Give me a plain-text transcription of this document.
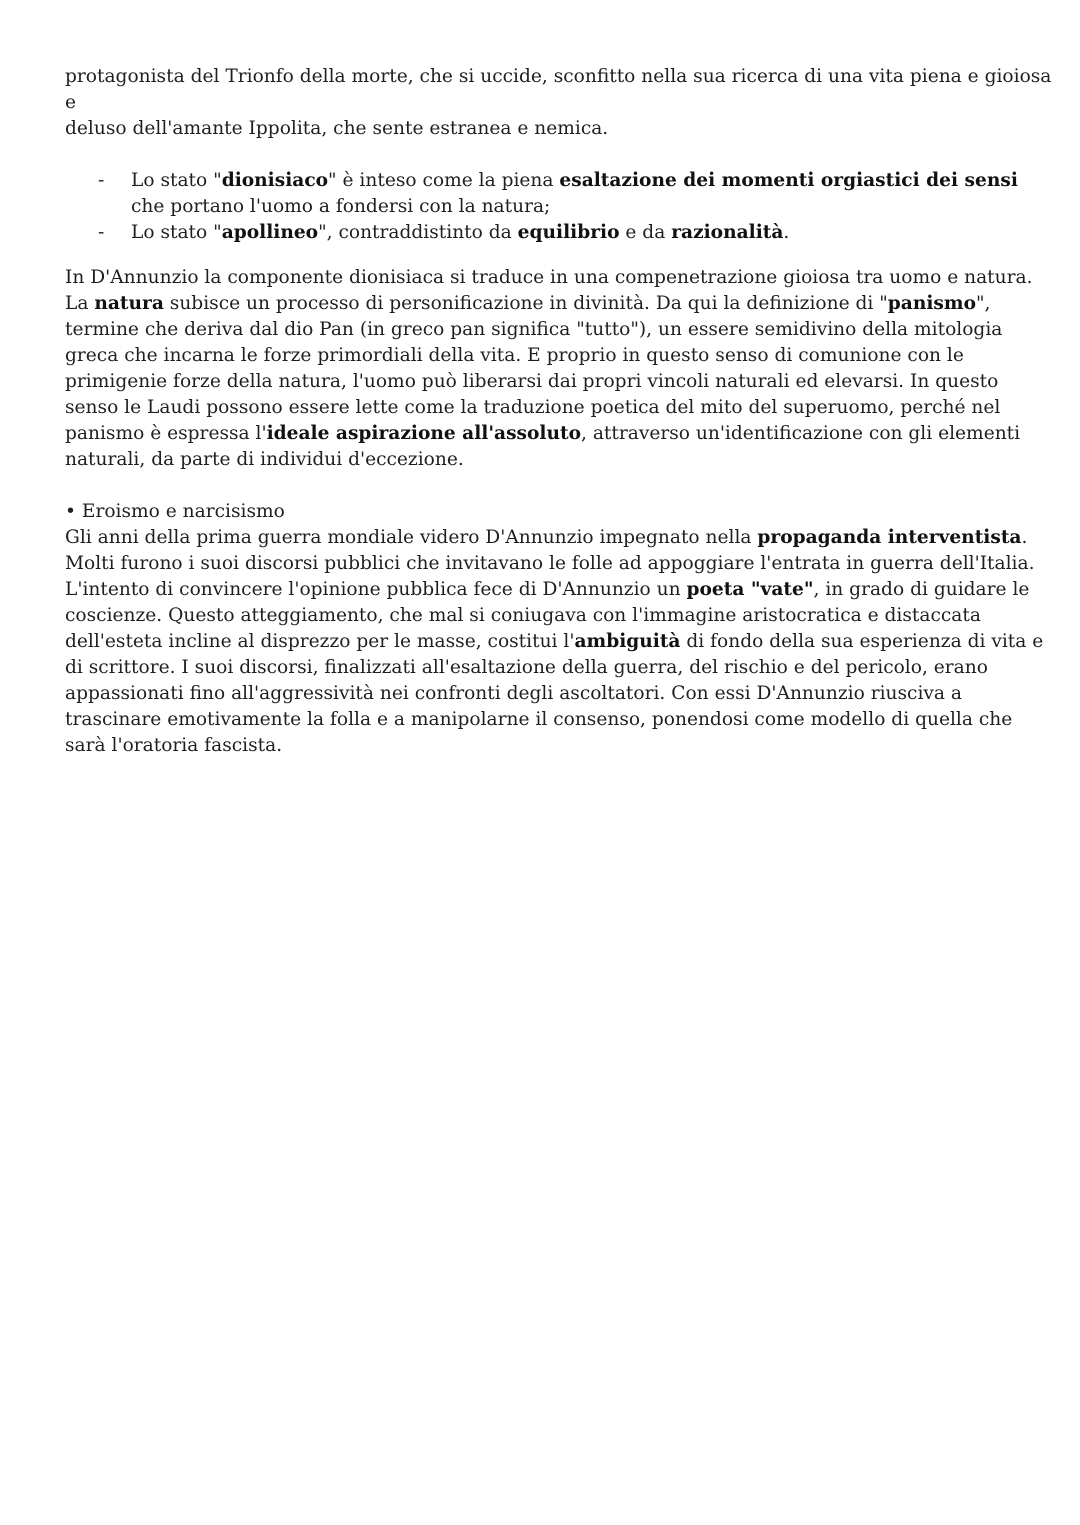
protagonista del Trionfo della morte, che si uccide, sconfitto nella sua ricerca di una vita piena e gioiosa e
deluso dell'amante Ippolita, che sente estranea e nemica.

- Lo stato "dionisiaco" è inteso come la piena esaltazione dei momenti orgiastici dei sensi che portano l'uomo a fondersi con la natura;
- Lo stato "apollineo", contraddistinto da equilibrio e da razionalità.

In D'Annunzio la componente dionisiaca si traduce in una compenetrazione gioiosa tra uomo e natura. La natura subisce un processo di personificazione in divinità. Da qui la definizione di "panismo", termine che deriva dal dio Pan (in greco pan significa "tutto"), un essere semidivino della mitologia greca che incarna le forze primordiali della vita. E proprio in questo senso di comunione con le primigenie forze della natura, l'uomo può liberarsi dai propri vincoli naturali ed elevarsi. In questo senso le Laudi possono essere lette come la traduzione poetica del mito del superuomo, perché nel panismo è espressa l'ideale aspirazione all'assoluto, attraverso un'identificazione con gli elementi naturali, da parte di individui d'eccezione.

• Eroismo e narcisismo

Gli anni della prima guerra mondiale videro D'Annunzio impegnato nella propaganda interventista. Molti furono i suoi discorsi pubblici che invitavano le folle ad appoggiare l'entrata in guerra dell'Italia. L'intento di convincere l'opinione pubblica fece di D'Annunzio un poeta "vate", in grado di guidare le coscienze. Questo atteggiamento, che mal si coniugava con l'immagine aristocratica e distaccata dell'esteta incline al disprezzo per le masse, costitui l'ambiguità di fondo della sua esperienza di vita e di scrittore. I suoi discorsi, finalizzati all'esaltazione della guerra, del rischio e del pericolo, erano appassionati fino all'aggressività nei confronti degli ascoltatori. Con essi D'Annunzio riusciva a trascinare emotivamente la folla e a manipolarne il consenso, ponendosi come modello di quella che sarà l'oratoria fascista.
